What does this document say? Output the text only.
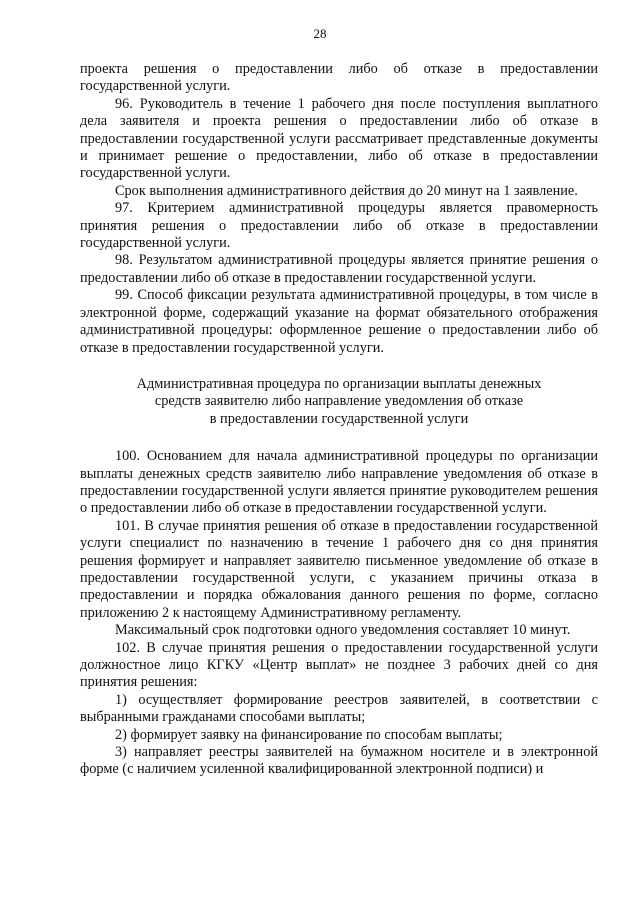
28

проекта решения о предоставлении либо об отказе в предоставлении государственной услуги.

96. Руководитель в течение 1 рабочего дня после поступления выплатного дела заявителя и проекта решения о предоставлении либо об отказе в предоставлении государственной услуги рассматривает представленные документы и принимает решение о предоставлении, либо об отказе в предоставлении государственной услуги.

Срок выполнения административного действия до 20 минут на 1 заявление.

97. Критерием административной процедуры является правомерность принятия решения о предоставлении либо об отказе в предоставлении государственной услуги.

98. Результатом административной процедуры является принятие решения о предоставлении либо об отказе в предоставлении государственной услуги.

99. Способ фиксации результата административной процедуры, в том числе в электронной форме, содержащий указание на формат обязательного отображения административной процедуры: оформленное решение о предоставлении либо об отказе в предоставлении государственной услуги.

Административная процедура по организации выплаты денежных
средств заявителю либо направление уведомления об отказе
в предоставлении государственной услуги

100. Основанием для начала административной процедуры по организации выплаты денежных средств заявителю либо направление уведомления об отказе в предоставлении государственной услуги является принятие руководителем решения о предоставлении либо об отказе в предоставлении государственной услуги.

101. В случае принятия решения об отказе в предоставлении государственной услуги специалист по назначению в течение 1 рабочего дня со дня принятия решения формирует и направляет заявителю письменное уведомление об отказе в предоставлении государственной услуги, с указанием причины отказа в предоставлении и порядка обжалования данного решения по форме, согласно приложению 2 к настоящему Административному регламенту.

Максимальный срок подготовки одного уведомления составляет 10 минут.

102. В случае принятия решения о предоставлении государственной услуги должностное лицо КГКУ «Центр выплат» не позднее 3 рабочих дней со дня принятия решения:

1) осуществляет формирование реестров заявителей, в соответствии с выбранными гражданами способами выплаты;

2) формирует заявку на финансирование по способам выплаты;

3) направляет реестры заявителей на бумажном носителе и в электронной форме (с наличием усиленной квалифицированной электронной подписи) и
